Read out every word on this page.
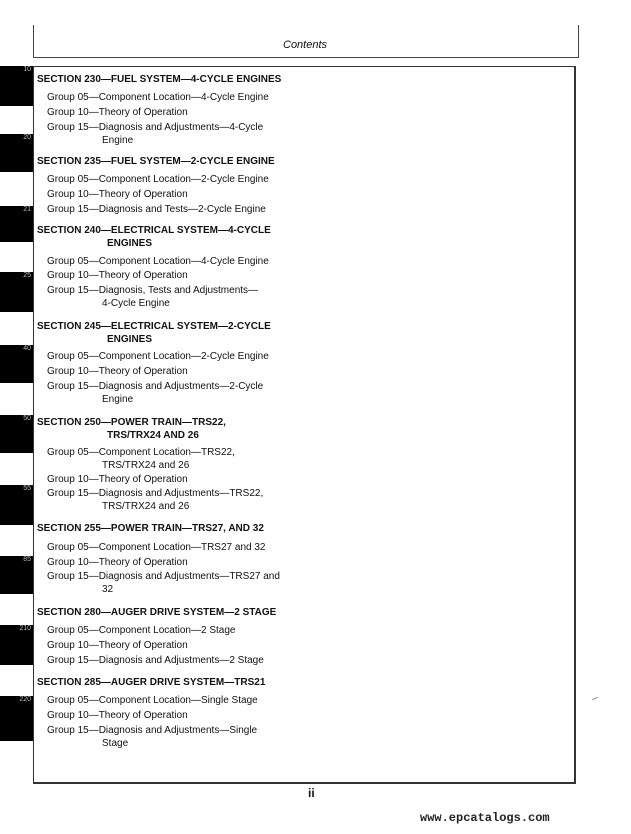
Contents
10
20
21
25
40
50
55
85
210
220
SECTION 230—FUEL SYSTEM—4-CYCLE ENGINES
Group 05—Component Location—4-Cycle Engine
Group 10—Theory of Operation
Group 15—Diagnosis and Adjustments—4-Cycle
Engine
SECTION 235—FUEL SYSTEM—2-CYCLE ENGINE
Group 05—Component Location—2-Cycle Engine
Group 10—Theory of Operation
Group 15—Diagnosis and Tests—2-Cycle Engine
SECTION 240—ELECTRICAL SYSTEM—4-CYCLE
ENGINES
Group 05—Component Location—4-Cycle Engine
Group 10—Theory of Operation
Group 15—Diagnosis, Tests and Adjustments—
4-Cycle Engine
SECTION 245—ELECTRICAL SYSTEM—2-CYCLE
ENGINES
Group 05—Component Location—2-Cycle Engine
Group 10—Theory of Operation
Group 15—Diagnosis and Adjustments—2-Cycle
Engine
SECTION 250—POWER TRAIN—TRS22,
TRS/TRX24 AND 26
Group 05—Component Location—TRS22,
TRS/TRX24 and 26
Group 10—Theory of Operation
Group 15—Diagnosis and Adjustments—TRS22,
TRS/TRX24 and 26
SECTION 255—POWER TRAIN—TRS27, AND 32
Group 05—Component Location—TRS27 and 32
Group 10—Theory of Operation
Group 15—Diagnosis and Adjustments—TRS27 and
32
SECTION 280—AUGER DRIVE SYSTEM—2 STAGE
Group 05—Component Location—2 Stage
Group 10—Theory of Operation
Group 15—Diagnosis and Adjustments—2 Stage
SECTION 285—AUGER DRIVE SYSTEM—TRS21
Group 05—Component Location—Single Stage
Group 10—Theory of Operation
Group 15—Diagnosis and Adjustments—Single
Stage
ii
www.epcatalogs.com
